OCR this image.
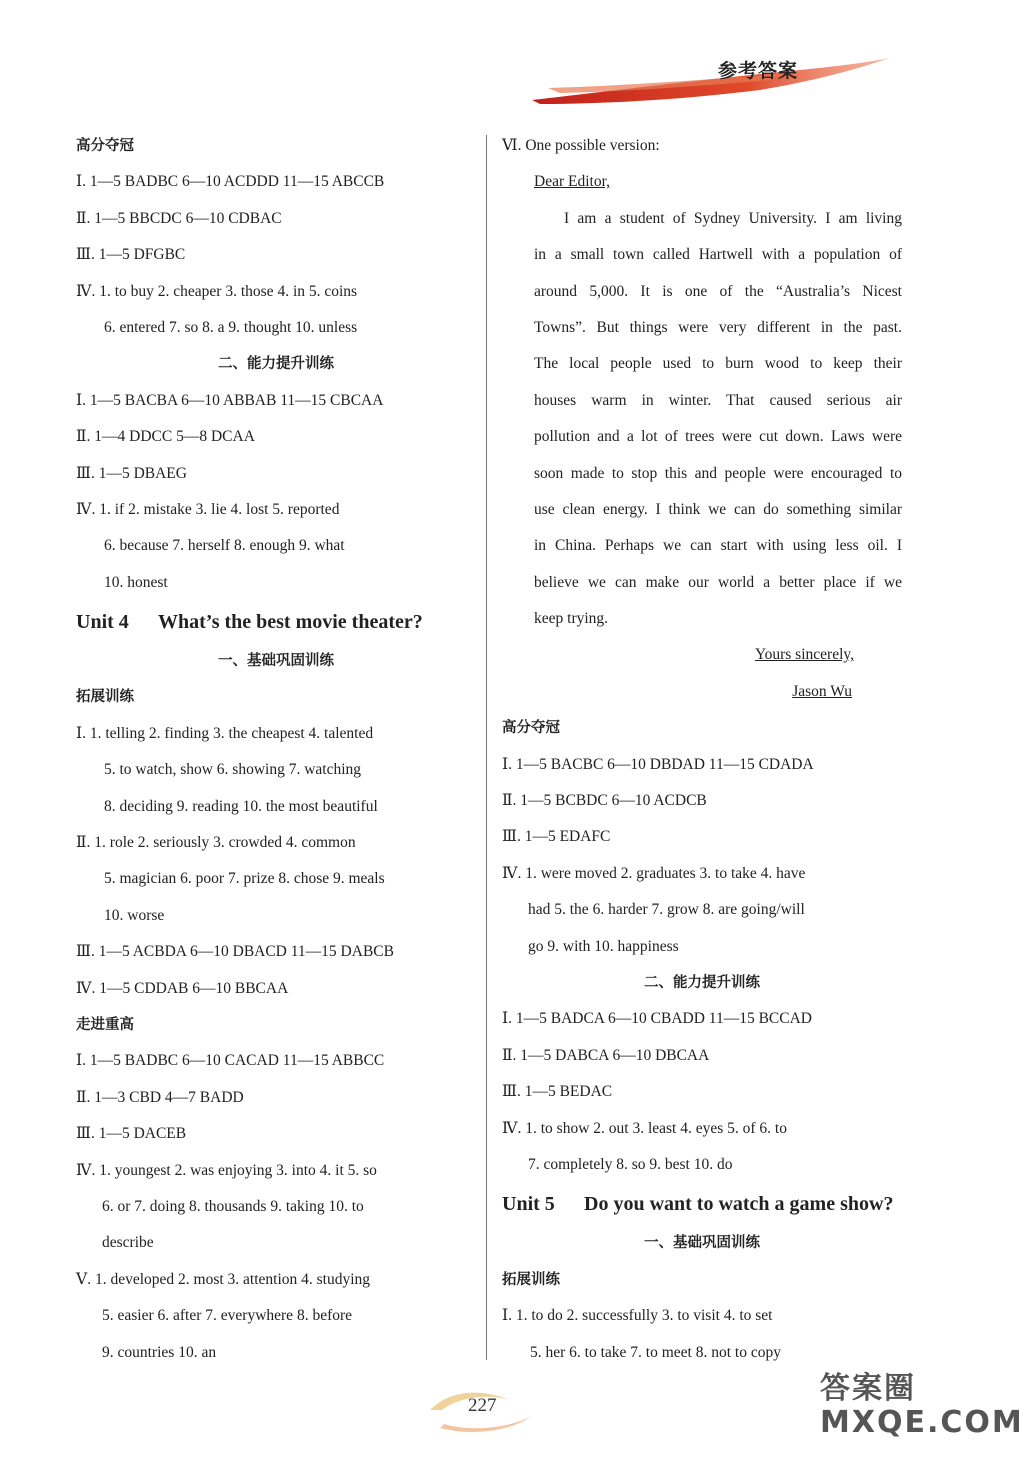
参考答案
高分夺冠
Ⅰ. 1—5 BADBC 6—10 ACDDD 11—15 ABCCB
Ⅱ. 1—5 BBCDC 6—10 CDBAC
Ⅲ. 1—5 DFGBC
Ⅳ. 1. to buy 2. cheaper 3. those 4. in 5. coins
6. entered 7. so 8. a 9. thought 10. unless
二、能力提升训练
Ⅰ. 1—5 BACBA 6—10 ABBAB 11—15 CBCAA
Ⅱ. 1—4 DDCC 5—8 DCAA
Ⅲ. 1—5 DBAEG
Ⅳ. 1. if 2. mistake 3. lie 4. lost 5. reported
6. because 7. herself 8. enough 9. what
10. honest
Unit 4 What’s the best movie theater?
一、基础巩固训练
拓展训练
Ⅰ. 1. telling 2. finding 3. the cheapest 4. talented
5. to watch, show 6. showing 7. watching
8. deciding 9. reading 10. the most beautiful
Ⅱ. 1. role 2. seriously 3. crowded 4. common
5. magician 6. poor 7. prize 8. chose 9. meals
10. worse
Ⅲ. 1—5 ACBDA 6—10 DBACD 11—15 DABCB
Ⅳ. 1—5 CDDAB 6—10 BBCAA
走进重高
Ⅰ. 1—5 BADBC 6—10 CACAD 11—15 ABBCC
Ⅱ. 1—3 CBD 4—7 BADD
Ⅲ. 1—5 DACEB
Ⅳ. 1. youngest 2. was enjoying 3. into 4. it 5. so
6. or 7. doing 8. thousands 9. taking 10. to
describe
Ⅴ. 1. developed 2. most 3. attention 4. studying
5. easier 6. after 7. everywhere 8. before
9. countries 10. an
Ⅵ. One possible version:
Dear Editor,
I am a student of Sydney University. I am living
in a small town called Hartwell with a population of
around 5,000. It is one of the “Australia’s Nicest
Towns”. But things were very different in the past.
The local people used to burn wood to keep their
houses warm in winter. That caused serious air
pollution and a lot of trees were cut down. Laws were
soon made to stop this and people were encouraged to
use clean energy. I think we can do something similar
in China. Perhaps we can start with using less oil. I
believe we can make our world a better place if we
keep trying.
Yours sincerely,
Jason Wu
高分夺冠
Ⅰ. 1—5 BACBC 6—10 DBDAD 11—15 CDADA
Ⅱ. 1—5 BCBDC 6—10 ACDCB
Ⅲ. 1—5 EDAFC
Ⅳ. 1. were moved 2. graduates 3. to take 4. have
had 5. the 6. harder 7. grow 8. are going/will
go 9. with 10. happiness
二、能力提升训练
Ⅰ. 1—5 BADCA 6—10 CBADD 11—15 BCCAD
Ⅱ. 1—5 DABCA 6—10 DBCAA
Ⅲ. 1—5 BEDAC
Ⅳ. 1. to show 2. out 3. least 4. eyes 5. of 6. to
7. completely 8. so 9. best 10. do
Unit 5 Do you want to watch a game show?
一、基础巩固训练
拓展训练
Ⅰ. 1. to do 2. successfully 3. to visit 4. to set
5. her 6. to take 7. to meet 8. not to copy
227	答案圈
MXQE.COM
